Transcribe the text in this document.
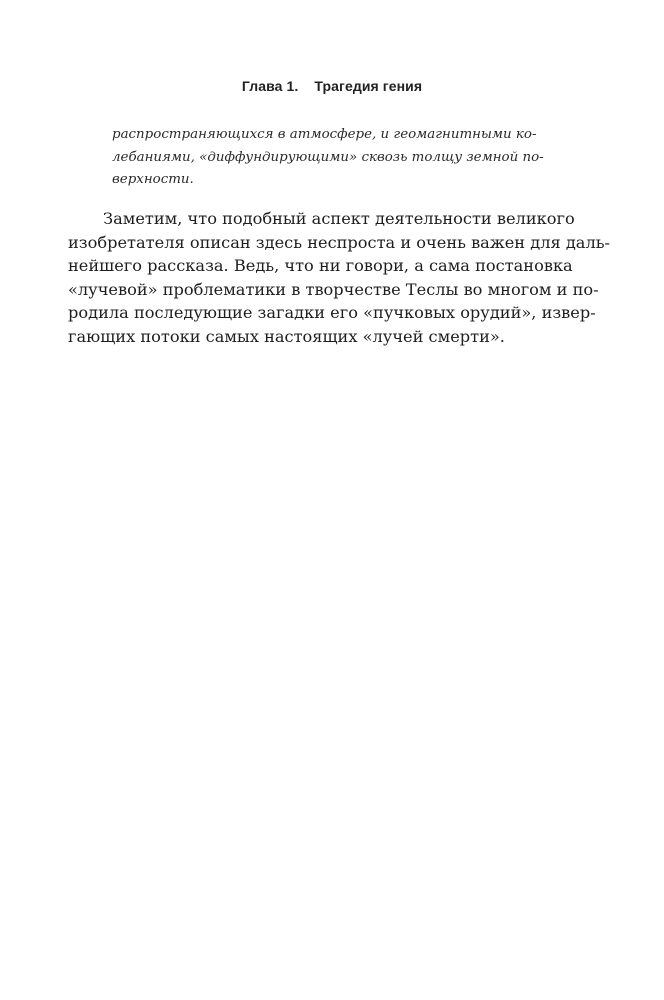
Глава 1. Трагедия гения
распространяющихся в атмосфере, и геомагнитными ко-
лебаниями, «диффундирующими» сквозь толщу земной по-
верхности.
Заметим, что подобный аспект деятельности великого
изобретателя описан здесь неспроста и очень важен для даль-
нейшего рассказа. Ведь, что ни говори, а сама постановка
«лучевой» проблематики в творчестве Теслы во многом и по-
родила последующие загадки его «пучковых орудий», извер-
гающих потоки самых настоящих «лучей смерти».
